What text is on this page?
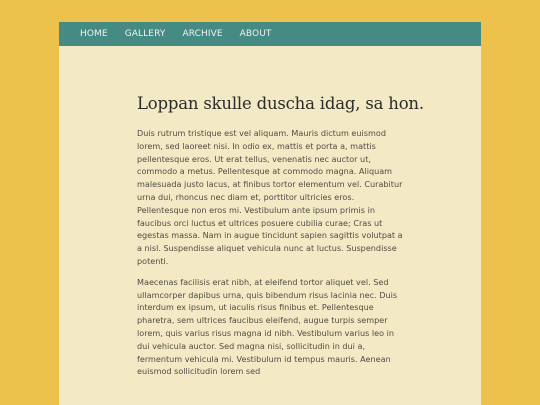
HOME GALLERY ARCHIVE ABOUT
Loppan skulle duscha idag, sa hon.

Duis rutrum tristique est vel aliquam. Mauris dictum euismod lorem, sed laoreet nisi. In odio ex, mattis et porta a, mattis pellentesque eros. Ut erat tellus, venenatis nec auctor ut, commodo a metus. Pellentesque at commodo magna. Aliquam malesuada justo lacus, at finibus tortor elementum vel. Curabitur urna dui, rhoncus nec diam et, porttitor ultricies eros. Pellentesque non eros mi. Vestibulum ante ipsum primis in faucibus orci luctus et ultrices posuere cubilia curae; Cras ut egestas massa. Nam in augue tincidunt sapien sagittis volutpat a a nisl. Suspendisse aliquet vehicula nunc at luctus. Suspendisse potenti.

Maecenas facilisis erat nibh, at eleifend tortor aliquet vel. Sed ullamcorper dapibus urna, quis bibendum risus lacinia nec. Duis interdum ex ipsum, ut iaculis risus finibus et. Pellentesque pharetra, sem ultrices faucibus eleifend, augue turpis semper lorem, quis varius risus magna id nibh. Vestibulum varius leo in dui vehicula auctor. Sed magna nisi, sollicitudin in dui a, fermentum vehicula mi. Vestibulum id tempus mauris. Aenean euismod sollicitudin lorem sed
